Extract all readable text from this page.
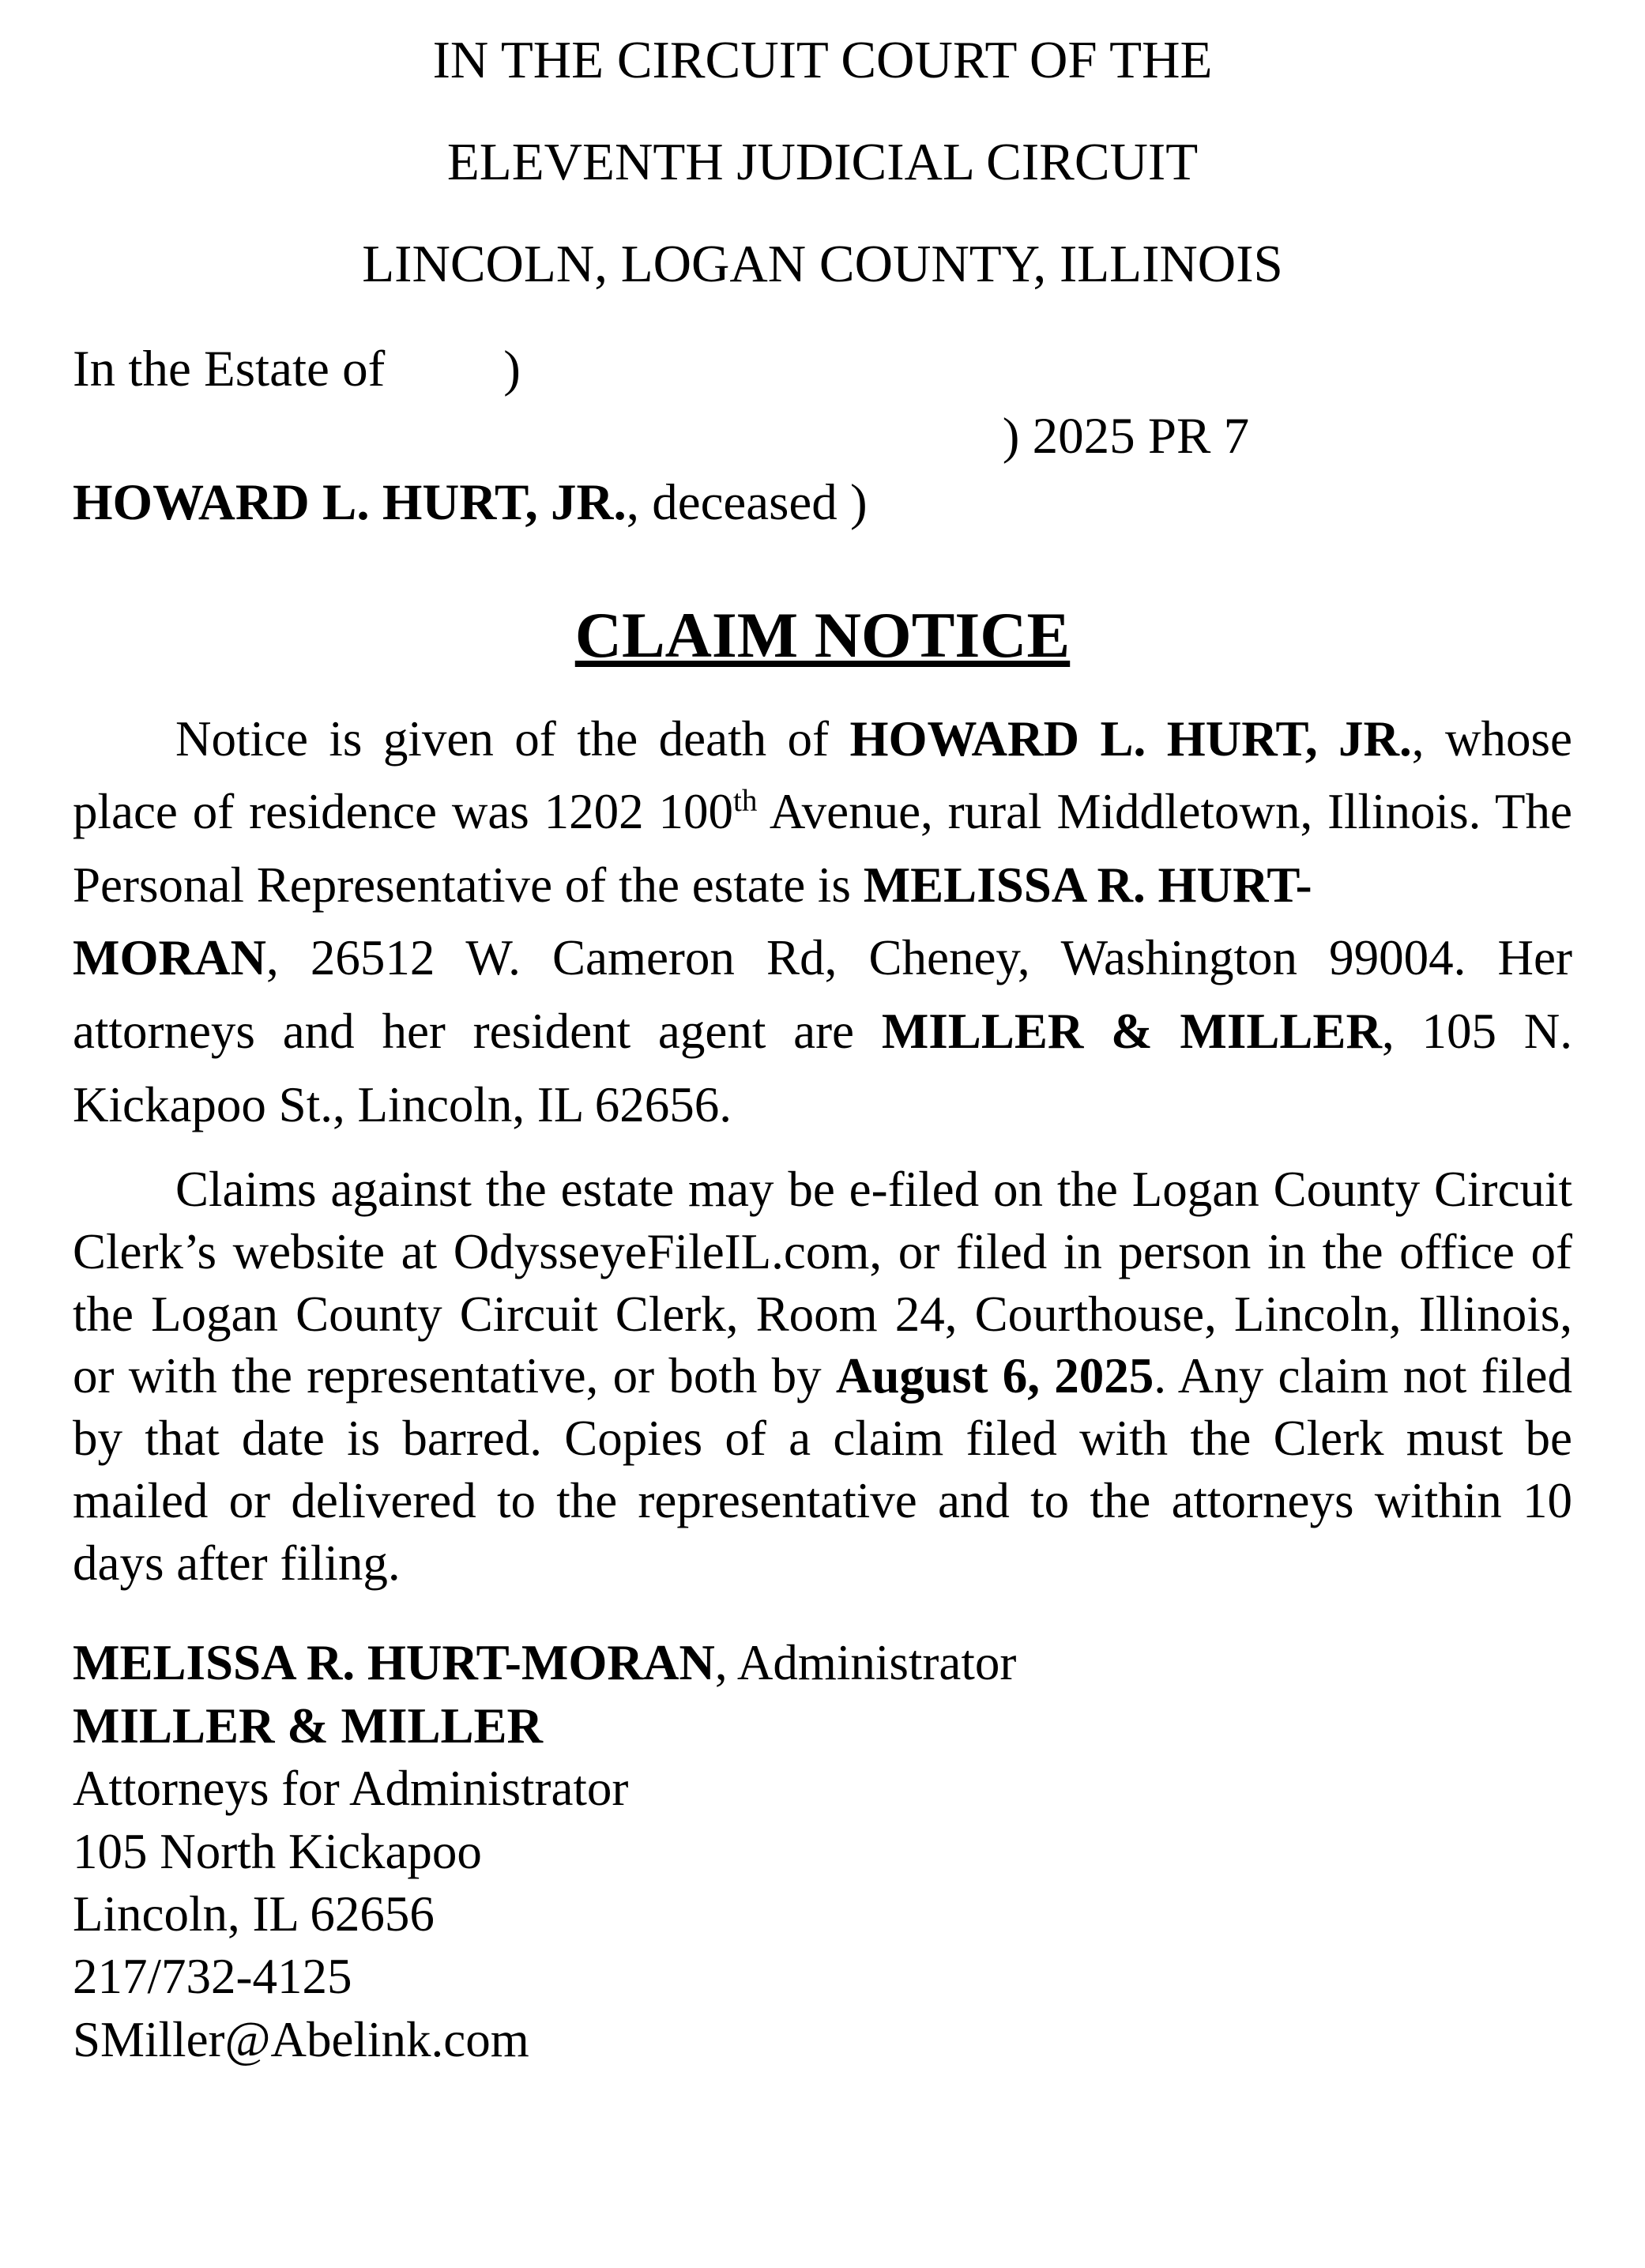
IN THE CIRCUIT COURT OF THE
ELEVENTH JUDICIAL CIRCUIT
LINCOLN, LOGAN COUNTY, ILLINOIS
In the Estate of )
) 2025 PR 7
HOWARD L. HURT, JR., deceased )
CLAIM NOTICE

Notice is given of the death of HOWARD L. HURT, JR., whose place of residence was 1202 100th Avenue, rural Middletown, Illinois. The Personal Representative of the estate is MELISSA R. HURT-

MORAN, 26512 W. Cameron Rd, Cheney, Washington 99004. Her attorneys and her resident agent are MILLER & MILLER, 105 N. Kickapoo St., Lincoln, IL 62656.

Claims against the estate may be e-filed on the Logan County Circuit Clerk’s website at OdysseyeFileIL.com, or filed in person in the office of the Logan County Circuit Clerk, Room 24, Courthouse, Lincoln, Illinois, or with the representative, or both by August 6, 2025. Any claim not filed by that date is barred. Copies of a claim filed with the Clerk must be mailed or delivered to the representative and to the attorneys within 10 days after filing.

MELISSA R. HURT-MORAN, Administrator
MILLER & MILLER
Attorneys for Administrator
105 North Kickapoo
Lincoln, IL 62656
217/732-4125
SMiller@Abelink.com
